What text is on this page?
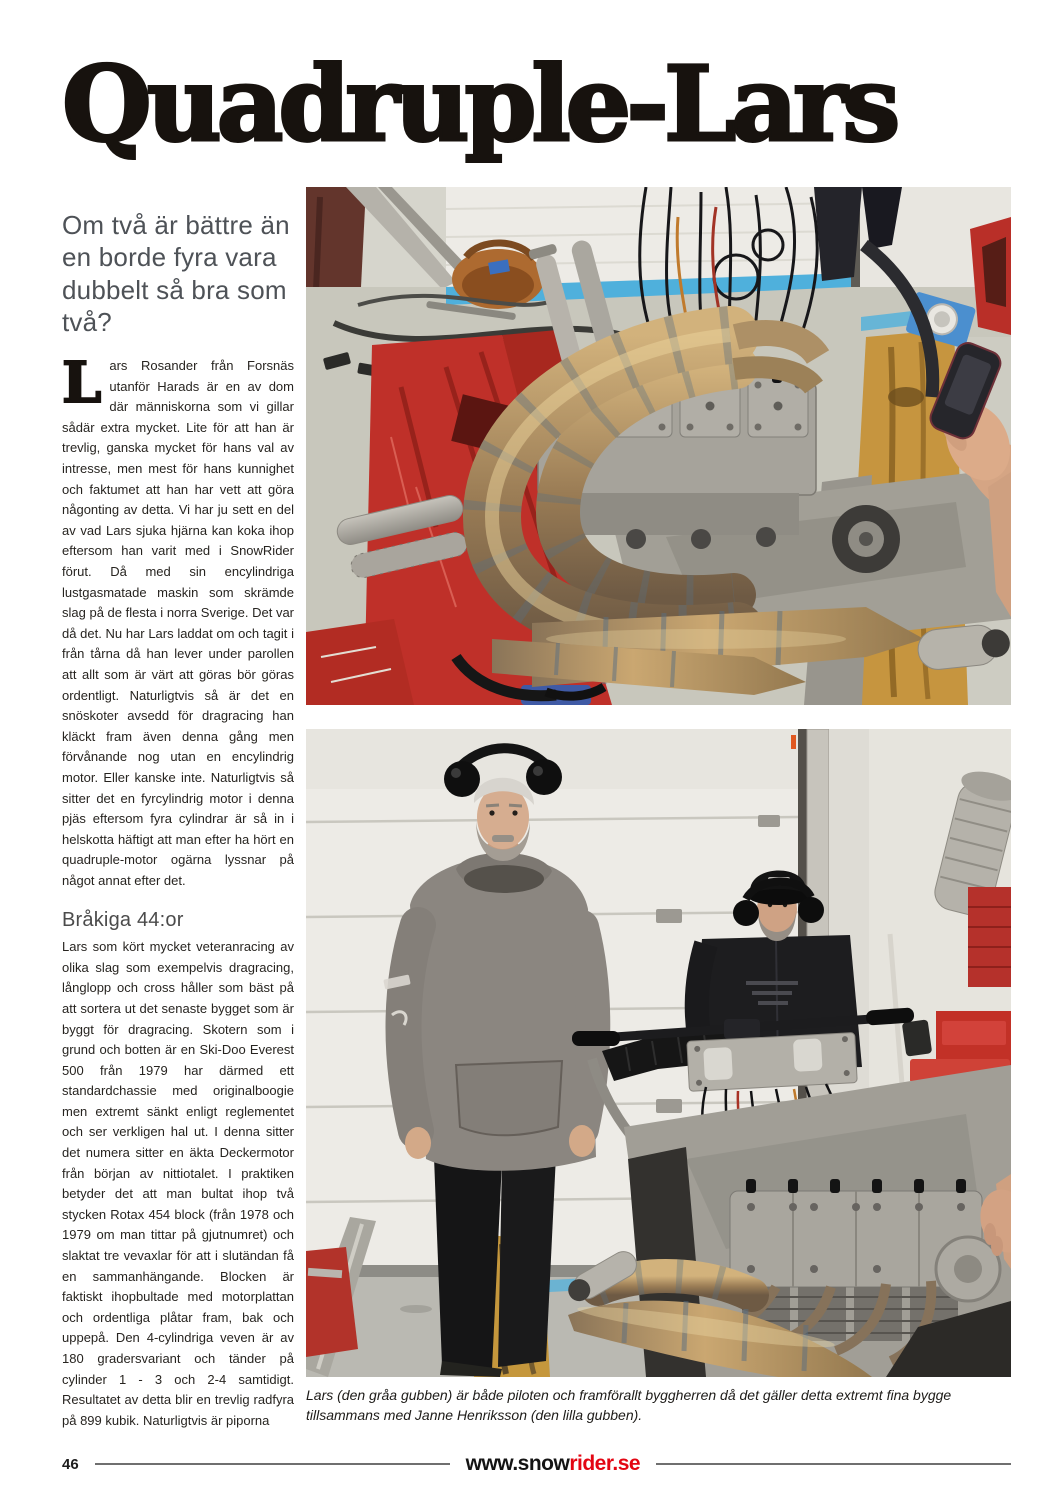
Quadruple-Lars
Om två är bättre än en borde fyra vara dubbelt så bra som två?

Lars Rosander från Forsnäs utanför Harads är en av dom där människorna som vi gillar sådär extra mycket. Lite för att han är trevlig, ganska mycket för hans val av intresse, men mest för hans kunnighet och faktumet att han har vett att göra någonting av detta. Vi har ju sett en del av vad Lars sjuka hjärna kan koka ihop eftersom han varit med i SnowRider förut. Då med sin encylindriga lustgasmatade maskin som skrämde slag på de flesta i norra Sverige. Det var då det. Nu har Lars laddat om och tagit i från tårna då han lever under parollen att allt som är värt att göras bör göras ordentligt. Naturligtvis så är det en snöskoter avsedd för dragracing han kläckt fram även denna gång men förvånande nog utan en encylindrig motor. Eller kanske inte. Naturligtvis så sitter det en fyrcylindrig motor i denna pjäs eftersom fyra cylindrar är så in i helskotta häftigt att man efter ha hört en quadruple-motor ogärna lyssnar på något annat efter det.

Bråkiga 44:or

Lars som kört mycket veteranracing av olika slag som exempelvis dragracing, långlopp och cross håller som bäst på att sortera ut det senaste bygget som är byggt för dragracing. Skotern som i grund och botten är en Ski-Doo Everest 500 från 1979 har därmed ett standardchassie med originalboogie men extremt sänkt enligt reglementet och ser verkligen hal ut. I denna sitter det numera sitter en äkta Deckermotor från början av nittiotalet. I praktiken betyder det att man bultat ihop två stycken Rotax 454 block (från 1978 och 1979 om man tittar på gjutnumret) och slaktat tre vevaxlar för att i slutändan få en sammanhängande. Blocken är faktiskt ihopbultade med motorplattan och ordentliga plåtar fram, bak och uppepå. Den 4-cylindriga veven är av 180 gradersvariant och tänder på cylinder 1 - 3 och 2-4 samtidigt. Resultatet av detta blir en trevlig radfyra på 899 kubik. Naturligtvis är piporna

Lars (den gråa gubben) är både piloten och framförallt byggherren då det gäller detta extremt fina bygge tillsammans med Janne Henriksson (den lilla gubben).
46	www.snowrider.se
